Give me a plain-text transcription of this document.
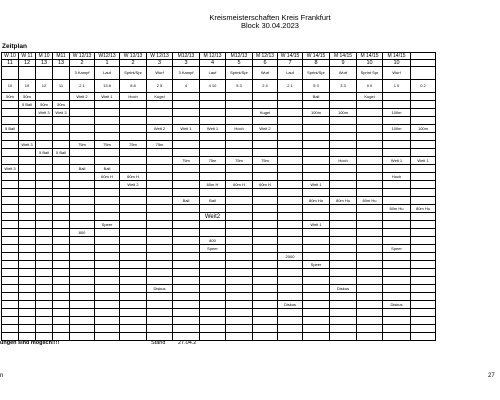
Kreismeisterschaften Kreis Frankfurt
Block 30.04.2023
Zeitplan
W 10	W 11	M 10	M11	W 12/13	W12/13	W 12/13	W 12/13	M12/13	M 12/13	M12/13	M 12/13	W 14/15	W 14/15	M 14/15	M 14/15	M 14/15	
11	12	13	13	2	1	2	3	3	4	5	6	7	8	9	10	10	
				3 Kampf	Lauf	Sprint/Spr	Wurf	3 Kampf	Lauf	Sprint/Spr	Wurf	Lauf	Sprint/Spr	Wurf	Sprint Spr	Wurf	
10	19	12	11	2 1	13 8	8 8	2 5	4	4 10	5 3	2 4	2 1	5 3	3 3	0 0	1 0	0 2
50m	50m			Weit 2	Weit 1	Hoch	Kugel						Ball		Kugel		
	5 Ball	50m	50m														
		Weit 3	Weit 3								Kugel		100m	100m		100m	

5 Ball							Weit 2	Weit 1	Weit 1	Hoch	Weit 2					100m	100m

	Weit 3			75m	75m	75m	75m										
		5 Ball	5 Ball														
								75m	75m	75m	75m			Hoch		Weit 1	Weit 1
Weit 3				Ball	Ball												
					60m H	60m H										Hoch	
						Weit 2			60m H	60m H	60m H		Weit 1				

								Ball	Ball				80m Hu	80m Hu	80m Hu		
																80m Hu	80m Hu
									Weit2								
					Speer								Weit 1				
				800													
									800								
									Speer							Speer	
												2000					
													Speer				

							Diskus							Diskus			

												Diskus				Diskus	

ungen sind möglich!!!!	Stand 27.04.2
n	27
